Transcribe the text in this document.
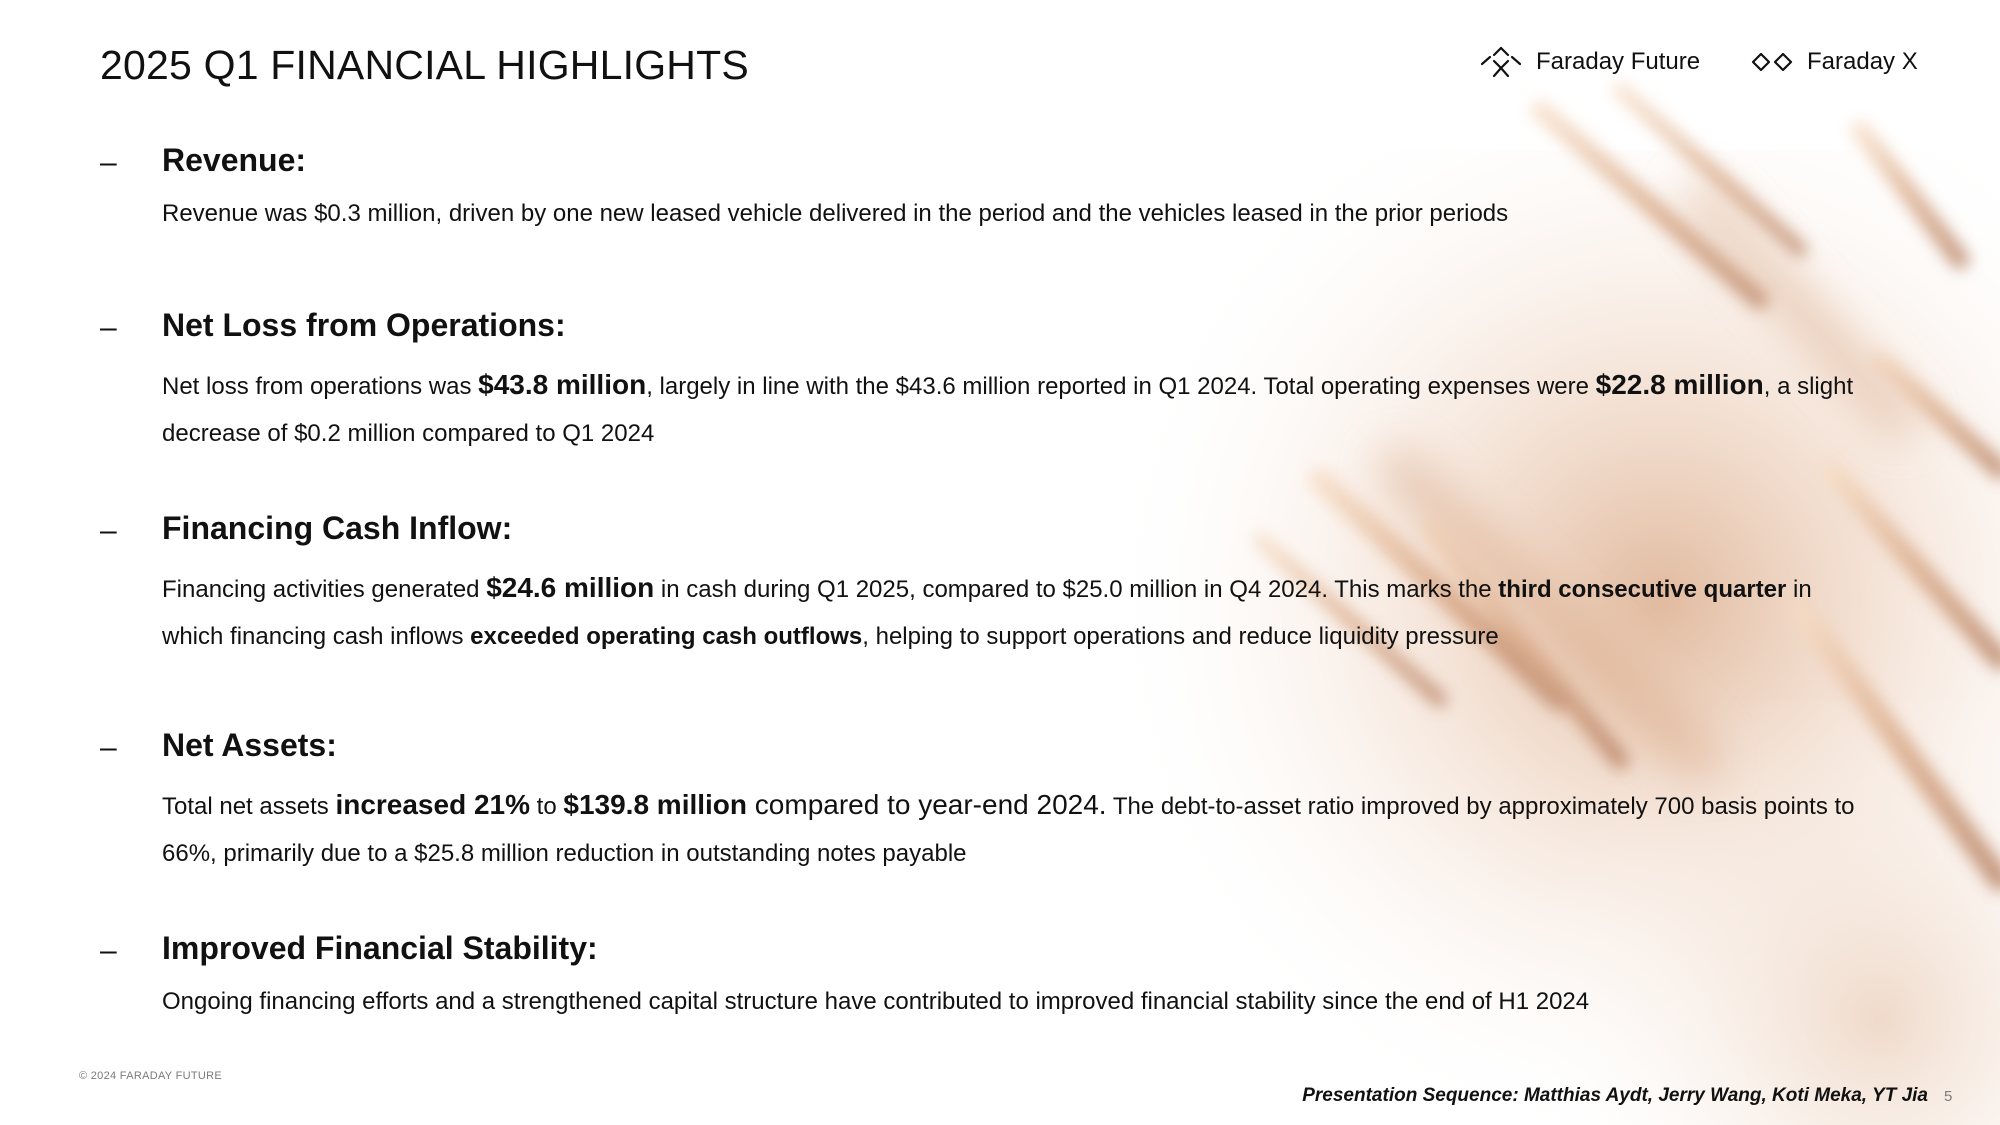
2025 Q1 FINANCIAL HIGHLIGHTS	Faraday Future	Faraday X
– Revenue:
Revenue was $0.3 million, driven by one new leased vehicle delivered in the period and the vehicles leased in the prior periods
– Net Loss from Operations:
Net loss from operations was $43.8 million, largely in line with the $43.6 million reported in Q1 2024. Total operating expenses were $22.8 million, a slight decrease of $0.2 million compared to Q1 2024
– Financing Cash Inflow:
Financing activities generated $24.6 million in cash during Q1 2025, compared to $25.0 million in Q4 2024. This marks the third consecutive quarter in which financing cash inflows exceeded operating cash outflows, helping to support operations and reduce liquidity pressure
– Net Assets:
Total net assets increased 21% to $139.8 million compared to year-end 2024. The debt-to-asset ratio improved by approximately 700 basis points to 66%, primarily due to a $25.8 million reduction in outstanding notes payable
– Improved Financial Stability:
Ongoing financing efforts and a strengthened capital structure have contributed to improved financial stability since the end of H1 2024
© 2024 FARADAY FUTURE
Presentation Sequence: Matthias Aydt, Jerry Wang, Koti Meka, YT Jia 5
